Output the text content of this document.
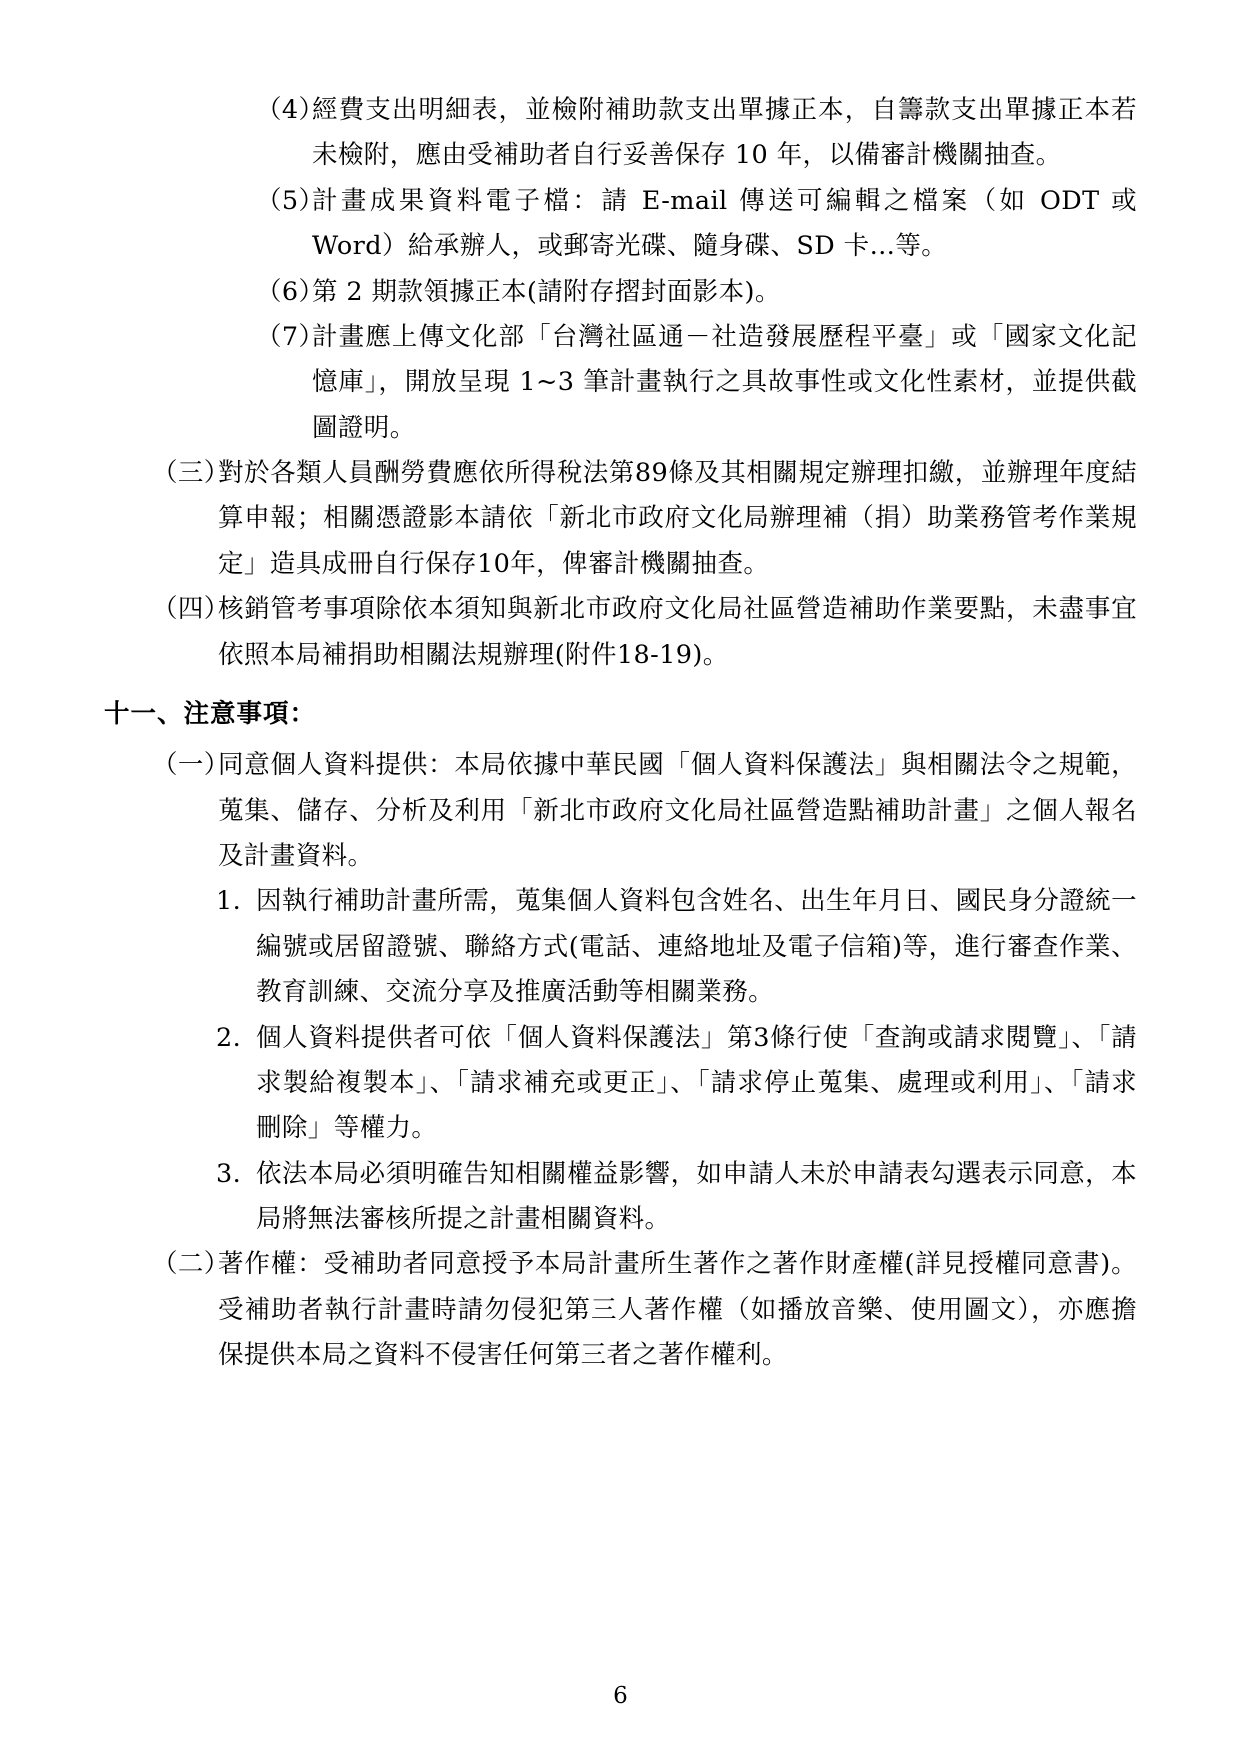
（4）
經費支出明細表，並檢附補助款支出單據正本，自籌款支出單據正本若未檢附，應由受補助者自行妥善保存 10 年，以備審計機關抽查。
（5）
計畫成果資料電子檔：請 E-mail 傳送可編輯之檔案（如 ODT 或 Word）給承辦人，或郵寄光碟、隨身碟、SD 卡…等。
（6）
第 2 期款領據正本(請附存摺封面影本)。
（7）
計畫應上傳文化部「台灣社區通－社造發展歷程平臺」或「國家文化記憶庫」，開放呈現 1~3 筆計畫執行之具故事性或文化性素材，並提供截圖證明。
（三）
對於各類人員酬勞費應依所得稅法第89條及其相關規定辦理扣繳，並辦理年度結算申報；相關憑證影本請依「新北市政府文化局辦理補（捐）助業務管考作業規定」造具成冊自行保存10年，俾審計機關抽查。
（四）
核銷管考事項除依本須知與新北市政府文化局社區營造補助作業要點，未盡事宜依照本局補捐助相關法規辦理(附件18-19)。
十一、注意事項：
（一）
同意個人資料提供：本局依據中華民國「個人資料保護法」與相關法令之規範，蒐集、儲存、分析及利用「新北市政府文化局社區營造點補助計畫」之個人報名及計畫資料。
1. 因執行補助計畫所需，蒐集個人資料包含姓名、出生年月日、國民身分證統一編號或居留證號、聯絡方式(電話、連絡地址及電子信箱)等，進行審查作業、教育訓練、交流分享及推廣活動等相關業務。
2. 個人資料提供者可依「個人資料保護法」第3條行使「查詢或請求閱覽」、「請求製給複製本」、「請求補充或更正」、「請求停止蒐集、處理或利用」、「請求刪除」等權力。
3. 依法本局必須明確告知相關權益影響，如申請人未於申請表勾選表示同意，本局將無法審核所提之計畫相關資料。
（二）
著作權：受補助者同意授予本局計畫所生著作之著作財產權(詳見授權同意書)。受補助者執行計畫時請勿侵犯第三人著作權（如播放音樂、使用圖文），亦應擔保提供本局之資料不侵害任何第三者之著作權利。
6
